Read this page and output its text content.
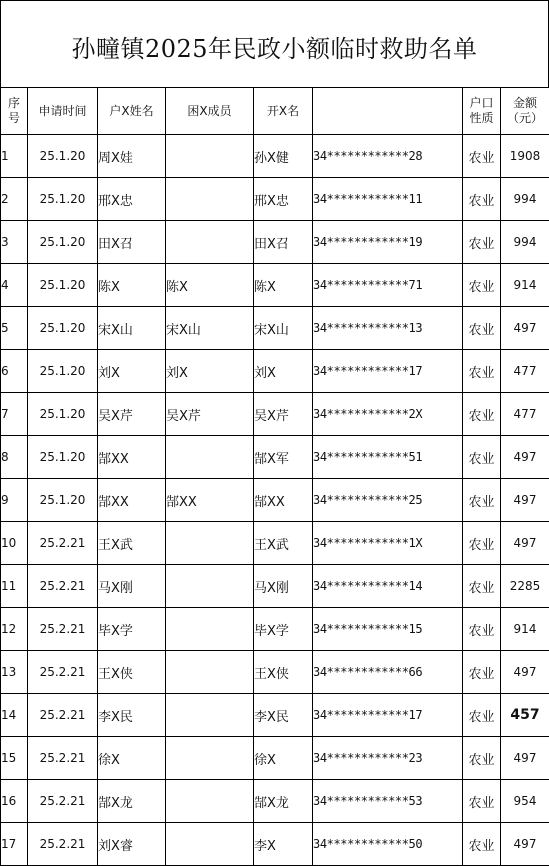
孙疃镇2025年民政小额临时救助名单
序号	申请时间	户X姓名	困X成员	开X名		户口性质	金额（元）
1	25.1.20	周X娃		孙X健	34************28	农业	1908
2	25.1.20	邢X忠		邢X忠	34************11	农业	994
3	25.1.20	田X召		田X召	34************19	农业	994
4	25.1.20	陈X	陈X	陈X	34************71	农业	914
5	25.1.20	宋X山	宋X山	宋X山	34************13	农业	497
6	25.1.20	刘X	刘X	刘X	34************17	农业	477
7	25.1.20	吴X芹	吴X芹	吴X芹	34************2X	农业	477
8	25.1.20	郜XX		郜X军	34************51	农业	497
9	25.1.20	郜XX	郜XX	郜XX	34************25	农业	497
10	25.2.21	王X武		王X武	34************1X	农业	497
11	25.2.21	马X刚		马X刚	34************14	农业	2285
12	25.2.21	毕X学		毕X学	34************15	农业	914
13	25.2.21	王X侠		王X侠	34************66	农业	497
14	25.2.21	李X民		李X民	34************17	农业	457
15	25.2.21	徐X		徐X	34************23	农业	497
16	25.2.21	郜X龙		郜X龙	34************53	农业	954
17	25.2.21	刘X睿		李X	34************50	农业	497
